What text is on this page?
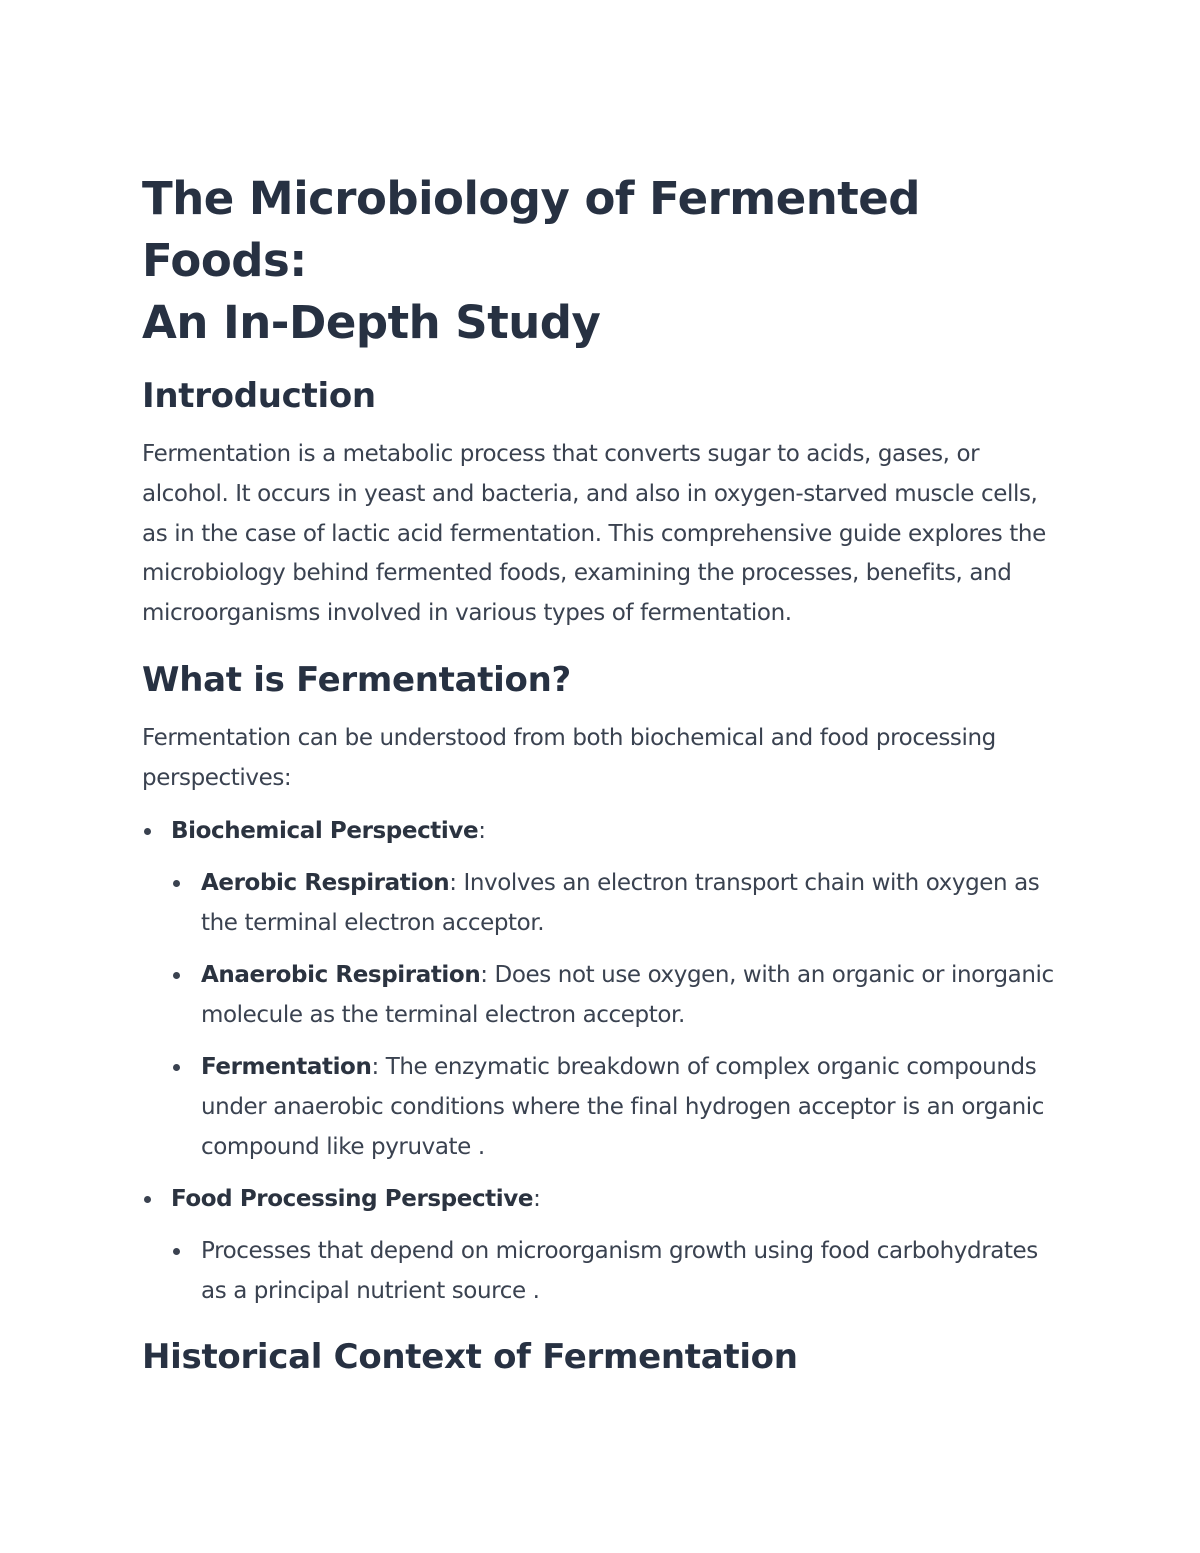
The Microbiology of Fermented Foods:
An In-Depth Study
Introduction

Fermentation is a metabolic process that converts sugar to acids, gases, or alcohol. It occurs in yeast and bacteria, and also in oxygen-starved muscle cells, as in the case of lactic acid fermentation. This comprehensive guide explores the microbiology behind fermented foods, examining the processes, benefits, and microorganisms involved in various types of fermentation.

What is Fermentation?

Fermentation can be understood from both biochemical and food processing perspectives:

Biochemical Perspective:
Aerobic Respiration: Involves an electron transport chain with oxygen as the terminal electron acceptor.
Anaerobic Respiration: Does not use oxygen, with an organic or inorganic molecule as the terminal electron acceptor.
Fermentation: The enzymatic breakdown of complex organic compounds under anaerobic conditions where the final hydrogen acceptor is an organic compound like pyruvate .
Food Processing Perspective:
Processes that depend on microorganism growth using food carbohydrates as a principal nutrient source .
Historical Context of Fermentation
